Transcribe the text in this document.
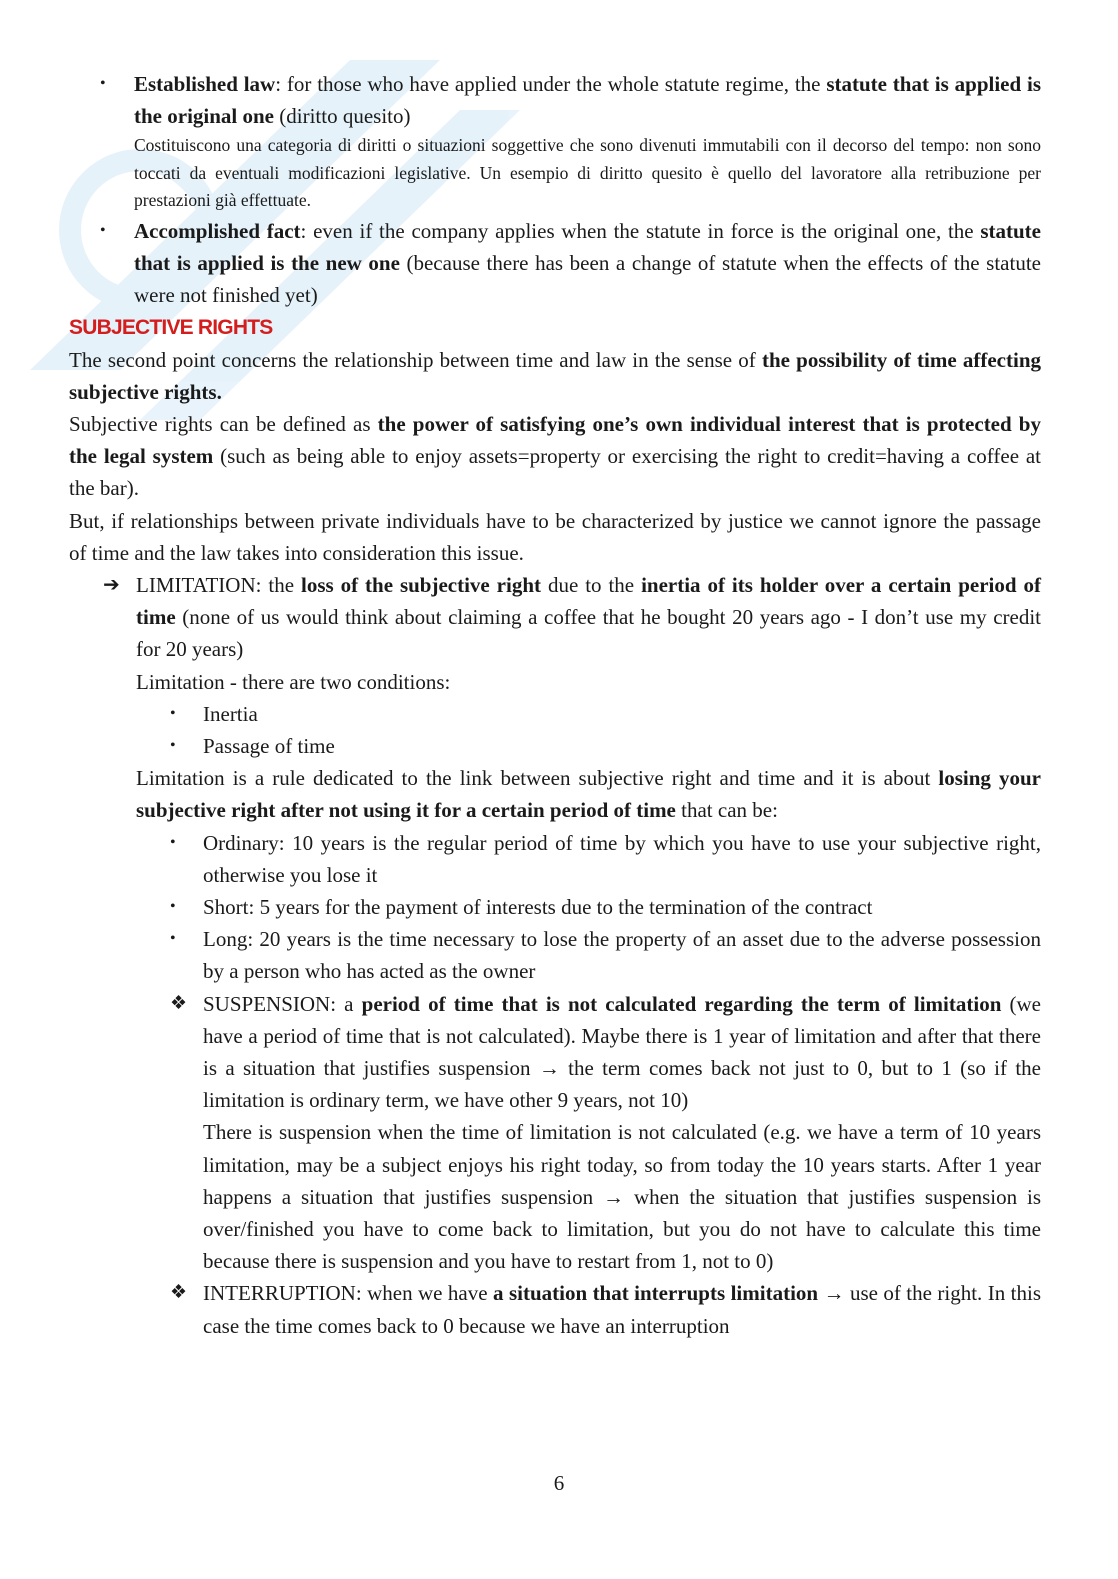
• Established law: for those who have applied under the whole statute regime, the statute that is applied is the original one (diritto quesito)

Costituiscono una categoria di diritti o situazioni soggettive che sono divenuti immutabili con il decorso del tempo: non sono toccati da eventuali modificazioni legislative. Un esempio di diritto quesito è quello del lavoratore alla retribuzione per prestazioni già effettuate.

• Accomplished fact: even if the company applies when the statute in force is the original one, the statute that is applied is the new one (because there has been a change of statute when the effects of the statute were not finished yet)

SUBJECTIVE RIGHTS

The second point concerns the relationship between time and law in the sense of the possibility of time affecting subjective rights.

Subjective rights can be defined as the power of satisfying one’s own individual interest that is protected by the legal system (such as being able to enjoy assets=property or exercising the right to credit=having a coffee at the bar).

But, if relationships between private individuals have to be characterized by justice we cannot ignore the passage of time and the law takes into consideration this issue.

➔ LIMITATION: the loss of the subjective right due to the inertia of its holder over a certain period of time (none of us would think about claiming a coffee that he bought 20 years ago - I don’t use my credit for 20 years)

Limitation - there are two conditions:

• Inertia
• Passage of time

Limitation is a rule dedicated to the link between subjective right and time and it is about losing your subjective right after not using it for a certain period of time that can be:

• Ordinary: 10 years is the regular period of time by which you have to use your subjective right, otherwise you lose it
• Short: 5 years for the payment of interests due to the termination of the contract
• Long: 20 years is the time necessary to lose the property of an asset due to the adverse possession by a person who has acted as the owner
❖ SUSPENSION: a period of time that is not calculated regarding the term of limitation (we have a period of time that is not calculated). Maybe there is 1 year of limitation and after that there is a situation that justifies suspension → the term comes back not just to 0, but to 1 (so if the limitation is ordinary term, we have other 9 years, not 10)

There is suspension when the time of limitation is not calculated (e.g. we have a term of 10 years limitation, may be a subject enjoys his right today, so from today the 10 years starts. After 1 year happens a situation that justifies suspension → when the situation that justifies suspension is over/finished you have to come back to limitation, but you do not have to calculate this time because there is suspension and you have to restart from 1, not to 0)

❖ INTERRUPTION: when we have a situation that interrupts limitation → use of the right. In this case the time comes back to 0 because we have an interruption

6
